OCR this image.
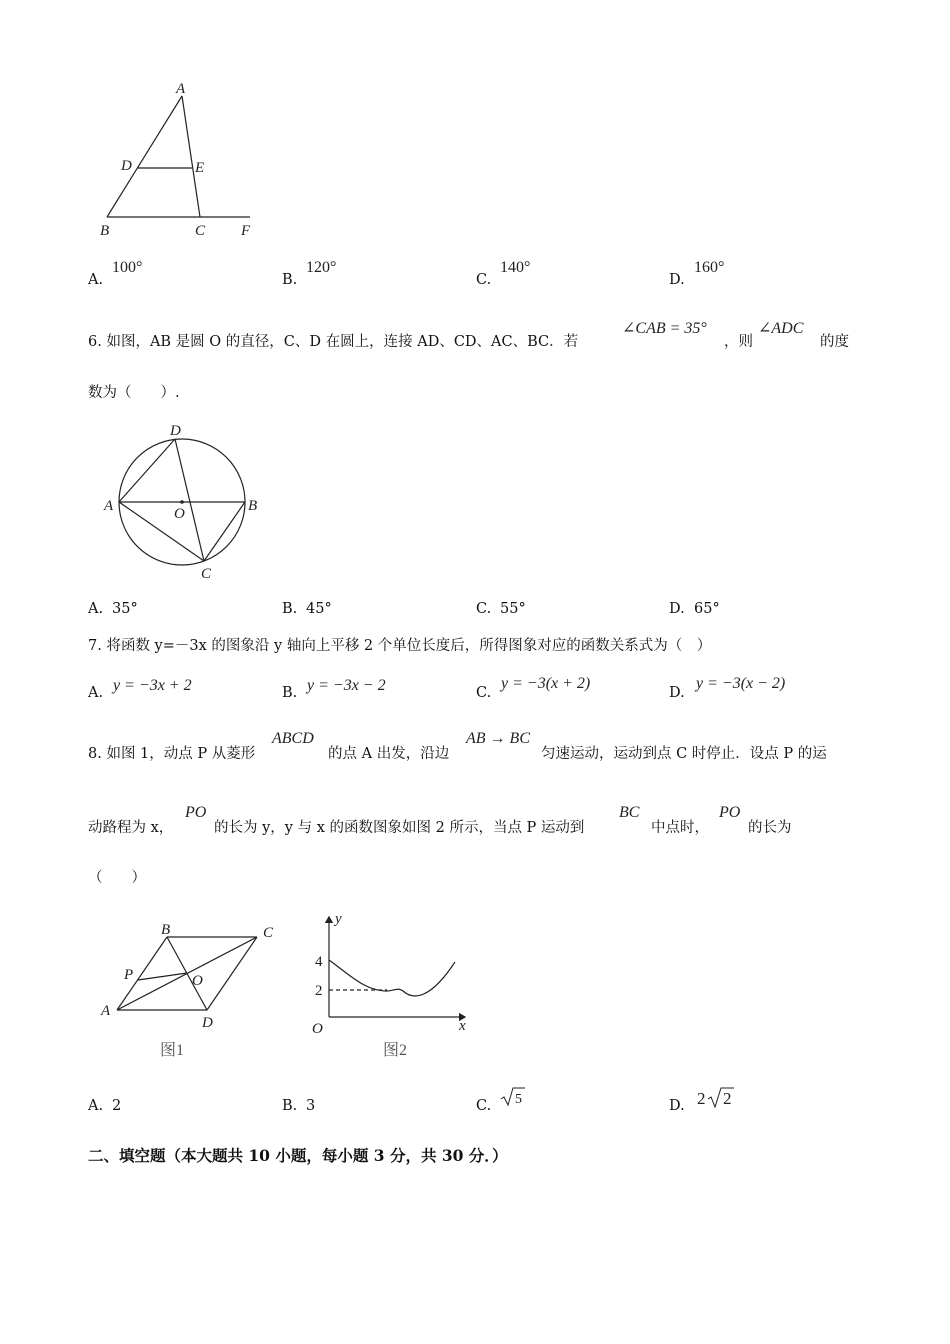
A
D	E
B	C F
A.
100°
B.
120°
C.
140°
D.
160°
6. 如图，AB 是圆 O 的直径，C、D 在圆上，连接 AD、CD、AC、BC．若
∠CAB = 35°
，则
∠ADC
的度
数为（　　）.
D
A	O	B
C
A. 35°	B. 45°	C. 55°	D. 65°
7. 将函数 y=－3x 的图象沿 y 轴向上平移 2 个单位长度后，所得图象对应的函数关系式为（　）
A. y = −3x + 2	B. y = −3x − 2	C.
y = −3(x + 2)
D.
y = −3(x − 2)
8. 如图 1，动点 P 从菱形
ABCD
的点 A 出发，沿边
AB → BC
匀速运动，运动到点 C 时停止．设点 P 的运
动路程为 x，
PO
的长为 y，y 与 x 的函数图象如图 2 所示，当点 P 运动到
BC
中点时，
PO
的长为
（　　）
B	C
P	O
A
D
图1
y
4
2
O	x
图2
A. 2	B. 3	C. 5	D. 2 2
二、填空题（本大题共 10 小题，每小题 3 分，共 30 分．）
